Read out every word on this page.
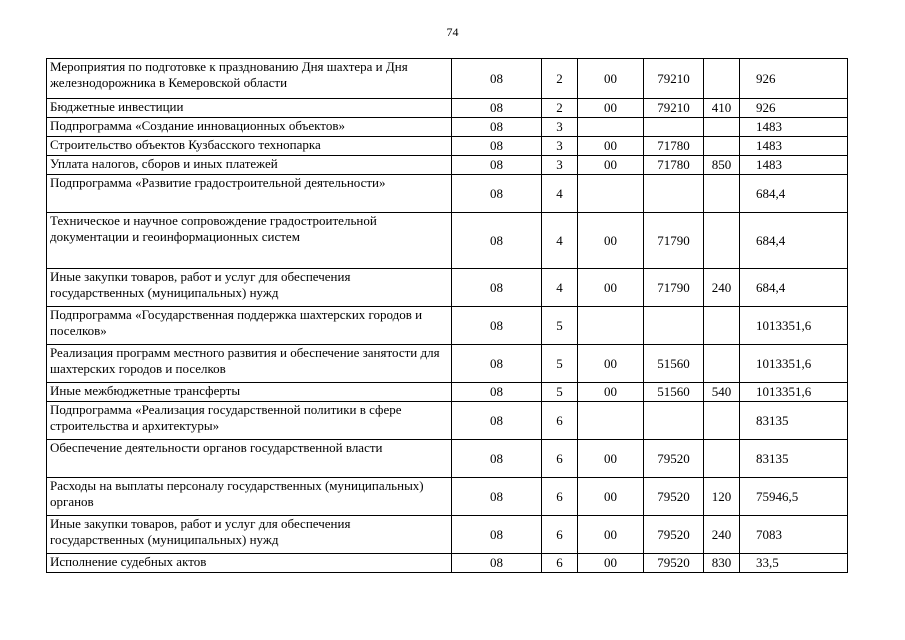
74
Мероприятия по подготовке к празднованию Дня шахтера и Дня железнодорожника в Кемеровской области	08	2	00	79210		926
Бюджетные инвестиции	08	2	00	79210	410	926
Подпрограмма «Создание инновационных объектов»	08	3				1483
Строительство объектов Кузбасского технопарка	08	3	00	71780		1483
Уплата налогов, сборов и иных платежей	08	3	00	71780	850	1483
Подпрограмма «Развитие градостроительной деятельности»	08	4				684,4
Техническое и научное сопровождение градостроительной документации и геоинформационных систем	08	4	00	71790		684,4
Иные закупки товаров, работ и услуг для обеспечения государственных (муниципальных) нужд	08	4	00	71790	240	684,4
Подпрограмма «Государственная поддержка шахтерских городов и поселков»	08	5				1013351,6
Реализация программ местного развития и обеспечение занятости для шахтерских городов и поселков	08	5	00	51560		1013351,6
Иные межбюджетные трансферты	08	5	00	51560	540	1013351,6
Подпрограмма «Реализация государственной политики в сфере строительства и архитектуры»	08	6				83135
Обеспечение деятельности органов государственной власти	08	6	00	79520		83135
Расходы на выплаты персоналу государственных (муниципальных) органов	08	6	00	79520	120	75946,5
Иные закупки товаров, работ и услуг для обеспечения государственных (муниципальных) нужд	08	6	00	79520	240	7083
Исполнение судебных актов	08	6	00	79520	830	33,5
